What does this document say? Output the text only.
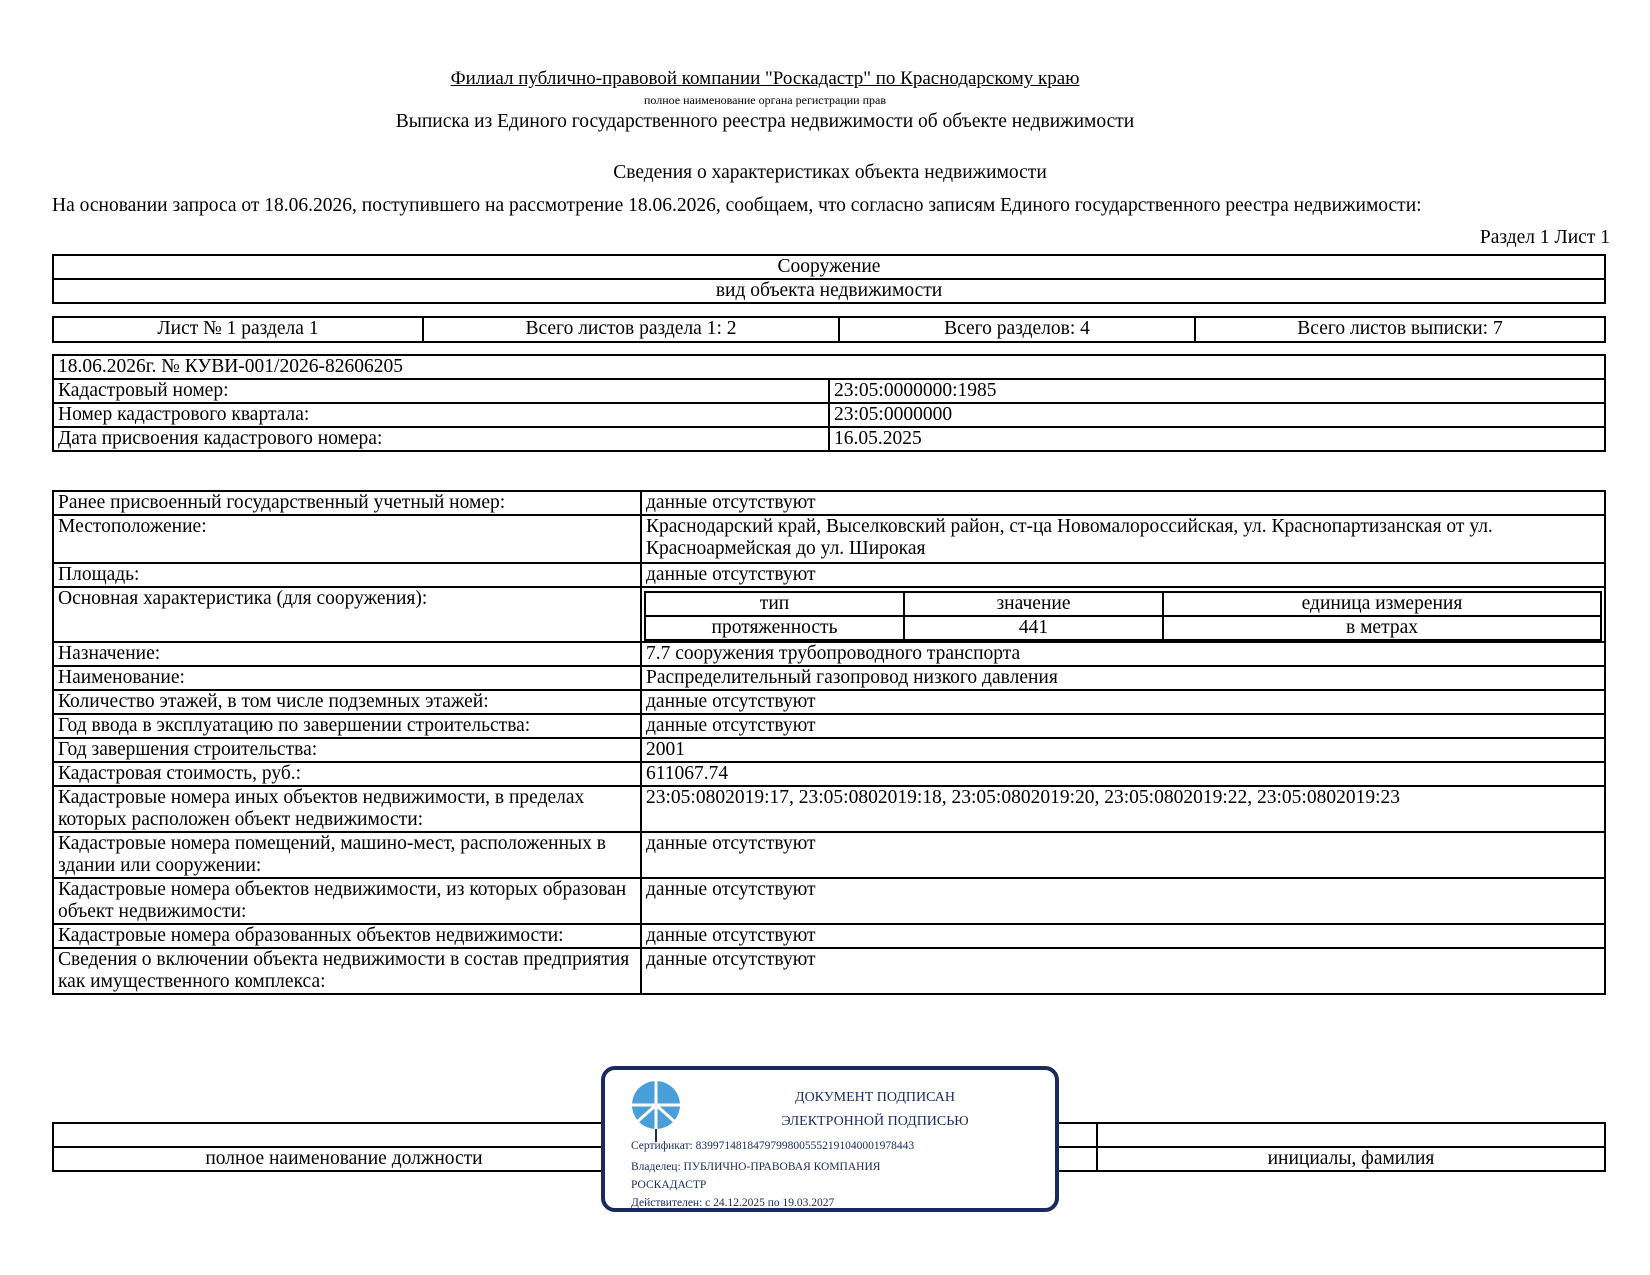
Филиал публично-правовой компании "Роскадастр" по Краснодарскому краю
полное наименование органа регистрации прав
Выписка из Единого государственного реестра недвижимости об объекте недвижимости
Сведения о характеристиках объекта недвижимости
На основании запроса от 18.06.2026, поступившего на рассмотрение 18.06.2026, сообщаем, что согласно записям Единого государственного реестра недвижимости:
Раздел 1 Лист 1
Сооружение
вид объекта недвижимости
Лист № 1 раздела 1	Всего листов раздела 1: 2	Всего разделов: 4	Всего листов выписки: 7
18.06.2026г. № КУВИ-001/2026-82606205	
Кадастровый номер:	23:05:0000000:1985
Номер кадастрового квартала:	23:05:0000000
Дата присвоения кадастрового номера:	16.05.2025
Ранее присвоенный государственный учетный номер:	данные отсутствуют
Местоположение:	Краснодарский край, Выселковский район, ст-ца Новомалороссийская, ул. Краснопартизанская от ул. Красноармейская до ул. Широкая
Площадь:	данные отсутствуют
Основная характеристика (для сооружения):		тип	значение	единица измерения
протяженность	441	в метрах

Назначение:	7.7 сооружения трубопроводного транспорта
Наименование:	Распределительный газопровод низкого давления
Количество этажей, в том числе подземных этажей:	данные отсутствуют
Год ввода в эксплуатацию по завершении строительства:	данные отсутствуют
Год завершения строительства:	2001
Кадастровая стоимость, руб.:	611067.74
Кадастровые номера иных объектов недвижимости, в пределах которых расположен объект недвижимости:	23:05:0802019:17, 23:05:0802019:18, 23:05:0802019:20, 23:05:0802019:22, 23:05:0802019:23
Кадастровые номера помещений, машино-мест, расположенных в здании или сооружении:	данные отсутствуют
Кадастровые номера объектов недвижимости, из которых образован объект недвижимости:	данные отсутствуют
Кадастровые номера образованных объектов недвижимости:	данные отсутствуют
Сведения о включении объекта недвижимости в состав предприятия как имущественного комплекса:	данные отсутствуют

полное наименование должности		инициалы, фамилия
ДОКУМЕНТ ПОДПИСАН
ЭЛЕКТРОННОЙ ПОДПИСЬЮ
Сертификат: 83997148184797998005552191040001978443
Владелец: ПУБЛИЧНО-ПРАВОВАЯ КОМПАНИЯ
РОСКАДАСТР
Действителен: с 24.12.2025 по 19.03.2027
